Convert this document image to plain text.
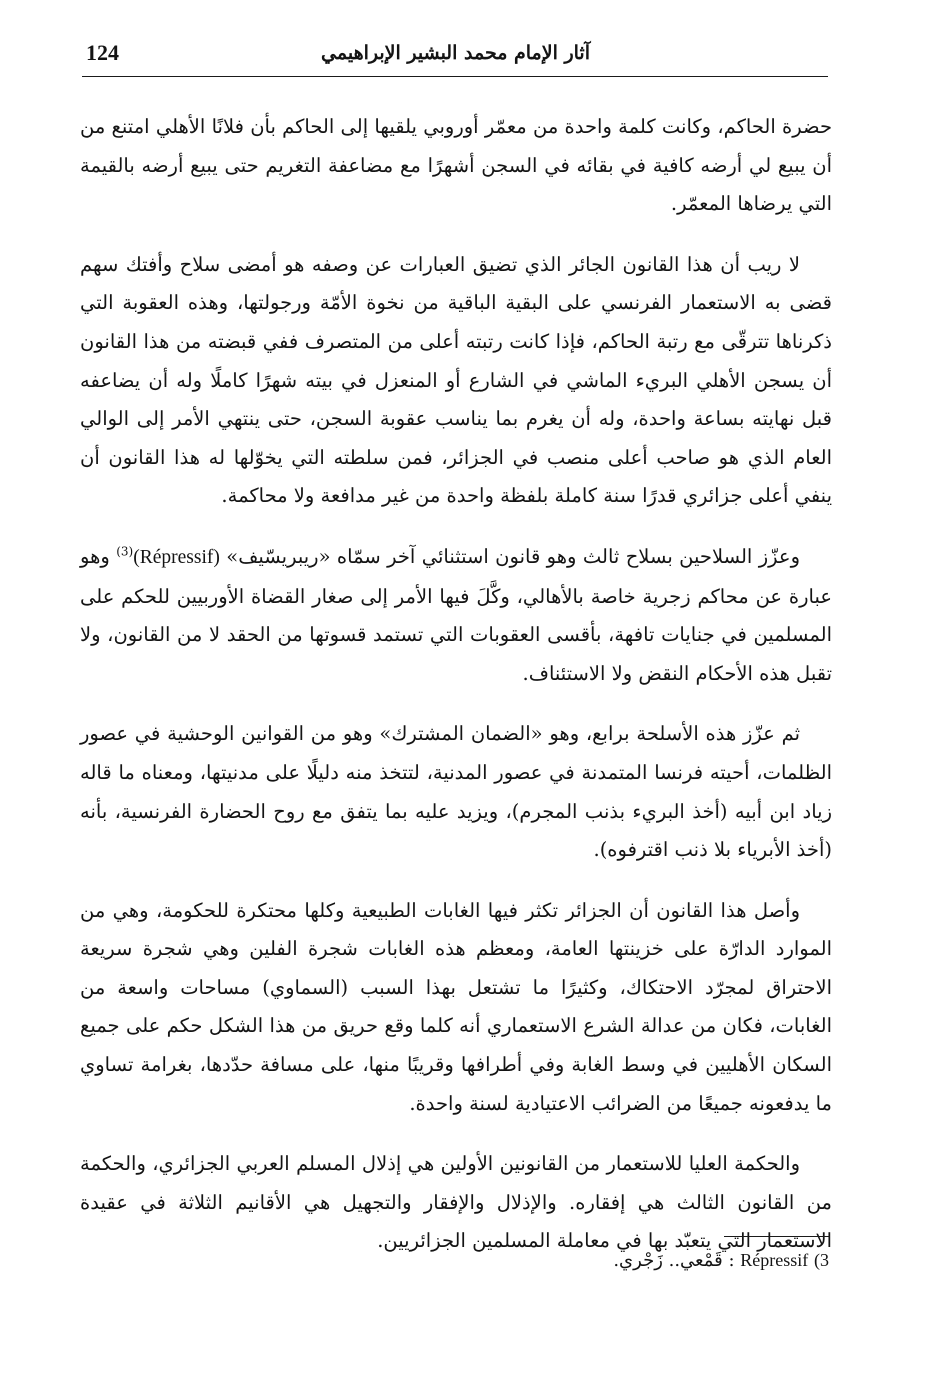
124	آثار الإمام محمد البشير الإبراهيمي

حضرة الحاكم، وكانت كلمة واحدة من معمّر أوروبي يلقيها إلى الحاكم بأن فلانًا الأهلي امتنع من أن يبيع لي أرضه كافية في بقائه في السجن أشهرًا مع مضاعفة التغريم حتى يبيع أرضه بالقيمة التي يرضاها المعمّر.

لا ريب أن هذا القانون الجائر الذي تضيق العبارات عن وصفه هو أمضى سلاح وأفتك سهم قضى به الاستعمار الفرنسي على البقية الباقية من نخوة الأمّة ورجولتها، وهذه العقوبة التي ذكرناها تترقّى مع رتبة الحاكم، فإذا كانت رتبته أعلى من المتصرف ففي قبضته من هذا القانون أن يسجن الأهلي البريء الماشي في الشارع أو المنعزل في بيته شهرًا كاملًا وله أن يضاعفه قبل نهايته بساعة واحدة، وله أن يغرم بما يناسب عقوبة السجن، حتى ينتهي الأمر إلى الوالي العام الذي هو صاحب أعلى منصب في الجزائر، فمن سلطته التي يخوّلها له هذا القانون أن ينفي أعلى جزائري قدرًا سنة كاملة بلفظة واحدة من غير مدافعة ولا محاكمة.

وعزّز السلاحين بسلاح ثالث وهو قانون استثنائي آخر سمّاه «ريبريسّيف» (Répressif)$^{(3)}$ وهو عبارة عن محاكم زجرية خاصة بالأهالي، وكَّلَ فيها الأمر إلى صغار القضاة الأوربيين للحكم على المسلمين في جنايات تافهة، بأقسى العقوبات التي تستمد قسوتها من الحقد لا من القانون، ولا تقبل هذه الأحكام النقض ولا الاستئناف.

ثم عزّز هذه الأسلحة برابع، وهو «الضمان المشترك» وهو من القوانين الوحشية في عصور الظلمات، أحيته فرنسا المتمدنة في عصور المدنية، لتتخذ منه دليلًا على مدنيتها، ومعناه ما قاله زياد ابن أبيه (أخذ البريء بذنب المجرم)، ويزيد عليه بما يتفق مع روح الحضارة الفرنسية، بأنه (أخذ الأبرياء بلا ذنب اقترفوه).

وأصل هذا القانون أن الجزائر تكثر فيها الغابات الطبيعية وكلها محتكرة للحكومة، وهي من الموارد الدارّة على خزينتها العامة، ومعظم هذه الغابات شجرة الفلين وهي شجرة سريعة الاحتراق لمجرّد الاحتكاك، وكثيرًا ما تشتعل بهذا السبب (السماوي) مساحات واسعة من الغابات، فكان من عدالة الشرع الاستعماري أنه كلما وقع حريق من هذا الشكل حكم على جميع السكان الأهليين في وسط الغابة وفي أطرافها وقريبًا منها، على مسافة حدّدها، بغرامة تساوي ما يدفعونه جميعًا من الضرائب الاعتيادية لسنة واحدة.

والحكمة العليا للاستعمار من القانونين الأولين هي إذلال المسلم العربي الجزائري، والحكمة من القانون الثالث هي إفقاره. والإذلال والإفقار والتجهيل هي الأقانيم الثلاثة في عقيدة الاستعمار التي يتعبّد بها في معاملة المسلمين الجزائريين.

3) Répressif : قَمْعي.. زَجْري.
